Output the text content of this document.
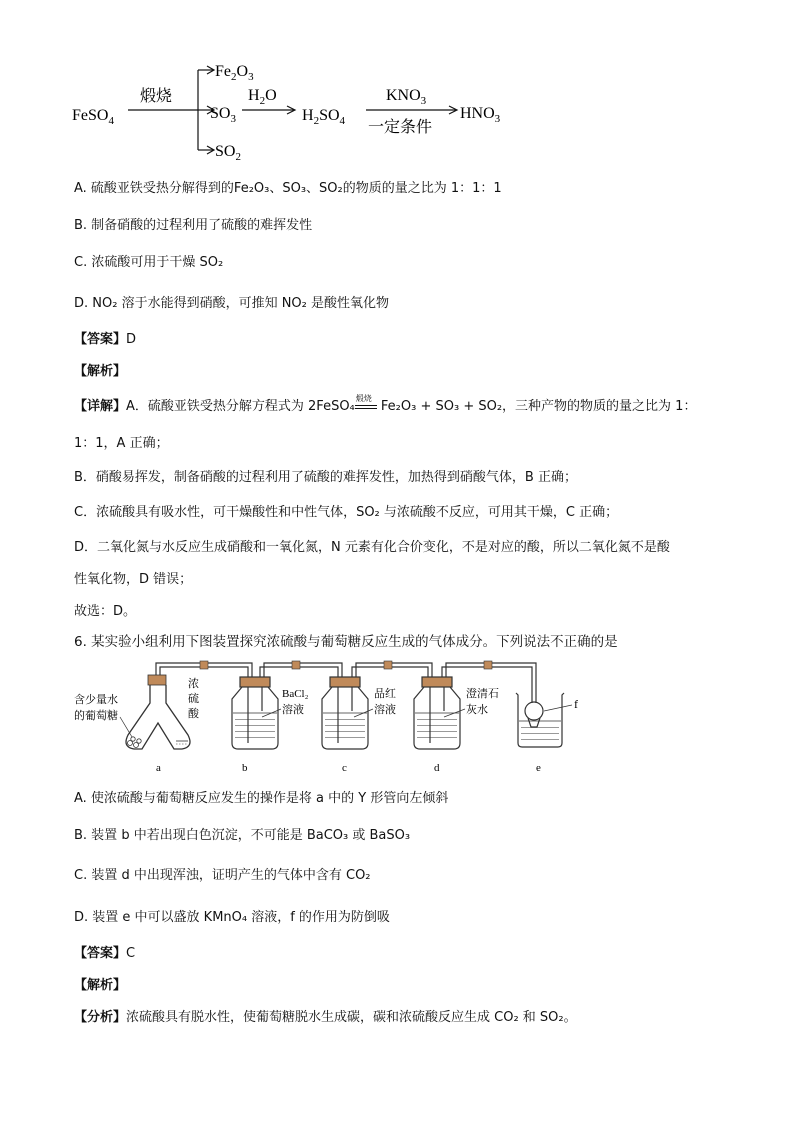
FeSO$_4$
煅烧
$Fe_2O_3$
$SO_3$
$SO_2$
$H_2O$
$H_2SO_4$
$KNO_3$
一定条件
$HNO_3$
A. 硫酸亚铁受热分解得到的Fe₂O₃、SO₃、SO₂的物质的量之比为 1：1：1
B. 制备硝酸的过程利用了硫酸的难挥发性
C. 浓硫酸可用于干燥 SO₂
D. NO₂ 溶于水能得到硝酸，可推知 NO₂ 是酸性氧化物
【答案】D
【解析】
【详解】A．硫酸亚铁受热分解方程式为 2FeSO₄
煅烧
Fe₂O₃ + SO₃ + SO₂，三种产物的物质的量之比为 1：
1：1，A 正确；
B．硝酸易挥发，制备硝酸的过程利用了硫酸的难挥发性，加热得到硝酸气体，B 正确；
C．浓硫酸具有吸水性，可干燥酸性和中性气体，SO₂ 与浓硫酸不反应，可用其干燥，C 正确；
D．二氧化氮与水反应生成硝酸和一氧化氮，N 元素有化合价变化，不是对应的酸，所以二氧化氮不是酸
性氧化物，D 错误；
故选：D。
6. 某实验小组利用下图装置探究浓硫酸与葡萄糖反应生成的气体成分。下列说法不正确的是
含少量水
的葡萄糖
浓
硫
酸
BaCl₂
溶液
品红
溶液
澄清石
灰水	f
a	b	c	d	e
A. 使浓硫酸与葡萄糖反应发生的操作是将 a 中的 Y 形管向左倾斜
B. 装置 b 中若出现白色沉淀，不可能是 BaCO₃ 或 BaSO₃
C. 装置 d 中出现浑浊，证明产生的气体中含有 CO₂
D. 装置 e 中可以盛放 KMnO₄ 溶液，f 的作用为防倒吸
【答案】C
【解析】
【分析】浓硫酸具有脱水性，使葡萄糖脱水生成碳，碳和浓硫酸反应生成 CO₂ 和 SO₂。
